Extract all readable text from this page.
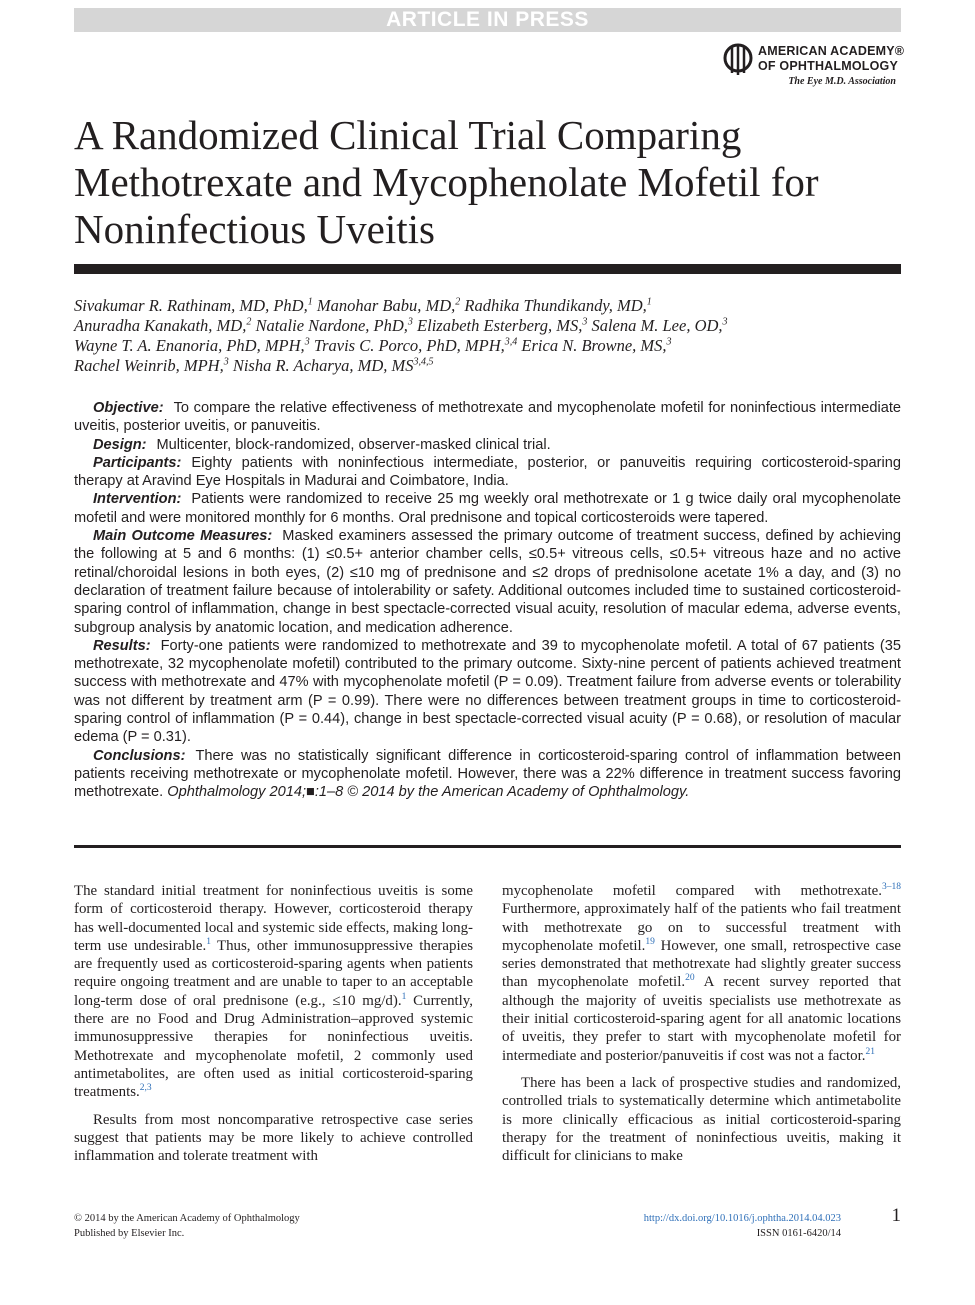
ARTICLE IN PRESS
AMERICAN ACADEMY®
OF OPHTHALMOLOGY
The Eye M.D. Association
A Randomized Clinical Trial Comparing Methotrexate and Mycophenolate Mofetil for Noninfectious Uveitis
Sivakumar R. Rathinam, MD, PhD,$^1$ Manohar Babu, MD,$^2$ Radhika Thundikandy, MD,$^1$
Anuradha Kanakath, MD,$^2$ Natalie Nardone, PhD,$^3$ Elizabeth Esterberg, MS,$^3$ Salena M. Lee, OD,$^3$
Wayne T. A. Enanoria, PhD, MPH,$^3$ Travis C. Porco, PhD, MPH,$^{3,4}$ Erica N. Browne, MS,$^3$
Rachel Weinrib, MPH,$^3$ Nisha R. Acharya, MD, MS$^{3,4,5}$

Objective: To compare the relative effectiveness of methotrexate and mycophenolate mofetil for noninfectious intermediate uveitis, posterior uveitis, or panuveitis.

Design: Multicenter, block-randomized, observer-masked clinical trial.

Participants: Eighty patients with noninfectious intermediate, posterior, or panuveitis requiring corticosteroid-sparing therapy at Aravind Eye Hospitals in Madurai and Coimbatore, India.

Intervention: Patients were randomized to receive 25 mg weekly oral methotrexate or 1 g twice daily oral mycophenolate mofetil and were monitored monthly for 6 months. Oral prednisone and topical corticosteroids were tapered.

Main Outcome Measures: Masked examiners assessed the primary outcome of treatment success, defined by achieving the following at 5 and 6 months: (1) ≤0.5+ anterior chamber cells, ≤0.5+ vitreous cells, ≤0.5+ vitreous haze and no active retinal/choroidal lesions in both eyes, (2) ≤10 mg of prednisone and ≤2 drops of prednisolone acetate 1% a day, and (3) no declaration of treatment failure because of intolerability or safety. Additional outcomes included time to sustained corticosteroid-sparing control of inflammation, change in best spectacle-corrected visual acuity, resolution of macular edema, adverse events, subgroup analysis by anatomic location, and medication adherence.

Results: Forty-one patients were randomized to methotrexate and 39 to mycophenolate mofetil. A total of 67 patients (35 methotrexate, 32 mycophenolate mofetil) contributed to the primary outcome. Sixty-nine percent of patients achieved treatment success with methotrexate and 47% with mycophenolate mofetil (P = 0.09). Treatment failure from adverse events or tolerability was not different by treatment arm (P = 0.99). There were no differences between treatment groups in time to corticosteroid-sparing control of inflammation (P = 0.44), change in best spectacle-corrected visual acuity (P = 0.68), or resolution of macular edema (P = 0.31).

Conclusions: There was no statistically significant difference in corticosteroid-sparing control of inflammation between patients receiving methotrexate or mycophenolate mofetil. However, there was a 22% difference in treatment success favoring methotrexate. Ophthalmology 2014;■:1–8 © 2014 by the American Academy of Ophthalmology.

The standard initial treatment for noninfectious uveitis is some form of corticosteroid therapy. However, corticosteroid therapy has well-documented local and systemic side effects, making long-term use undesirable.$^1$ Thus, other immunosuppressive therapies are frequently used as corticosteroid-sparing agents when patients require ongoing treatment and are unable to taper to an acceptable long-term dose of oral prednisone (e.g., ≤10 mg/d).$^1$ Currently, there are no Food and Drug Administration–approved systemic immunosuppressive therapies for noninfectious uveitis. Methotrexate and mycophenolate mofetil, 2 commonly used antimetabolites, are often used as initial corticosteroid-sparing treatments.$^{2,3}$

Results from most noncomparative retrospective case series suggest that patients may be more likely to achieve controlled inflammation and tolerate treatment with

mycophenolate mofetil compared with methotrexate.$^{3-18}$ Furthermore, approximately half of the patients who fail treatment with methotrexate go on to successful treatment with mycophenolate mofetil.$^{19}$ However, one small, retrospective case series demonstrated that methotrexate had slightly greater success than mycophenolate mofetil.$^{20}$ A recent survey reported that although the majority of uveitis specialists use methotrexate as their initial corticosteroid-sparing agent for all anatomic locations of uveitis, they prefer to start with mycophenolate mofetil for intermediate and posterior/panuveitis if cost was not a factor.$^{21}$

There has been a lack of prospective studies and randomized, controlled trials to systematically determine which antimetabolite is more clinically efficacious as initial corticosteroid-sparing therapy for the treatment of noninfectious uveitis, making it difficult for clinicians to make

© 2014 by the American Academy of Ophthalmology
Published by Elsevier Inc.
http://dx.doi.org/10.1016/j.ophtha.2014.04.023
ISSN 0161-6420/14
1
